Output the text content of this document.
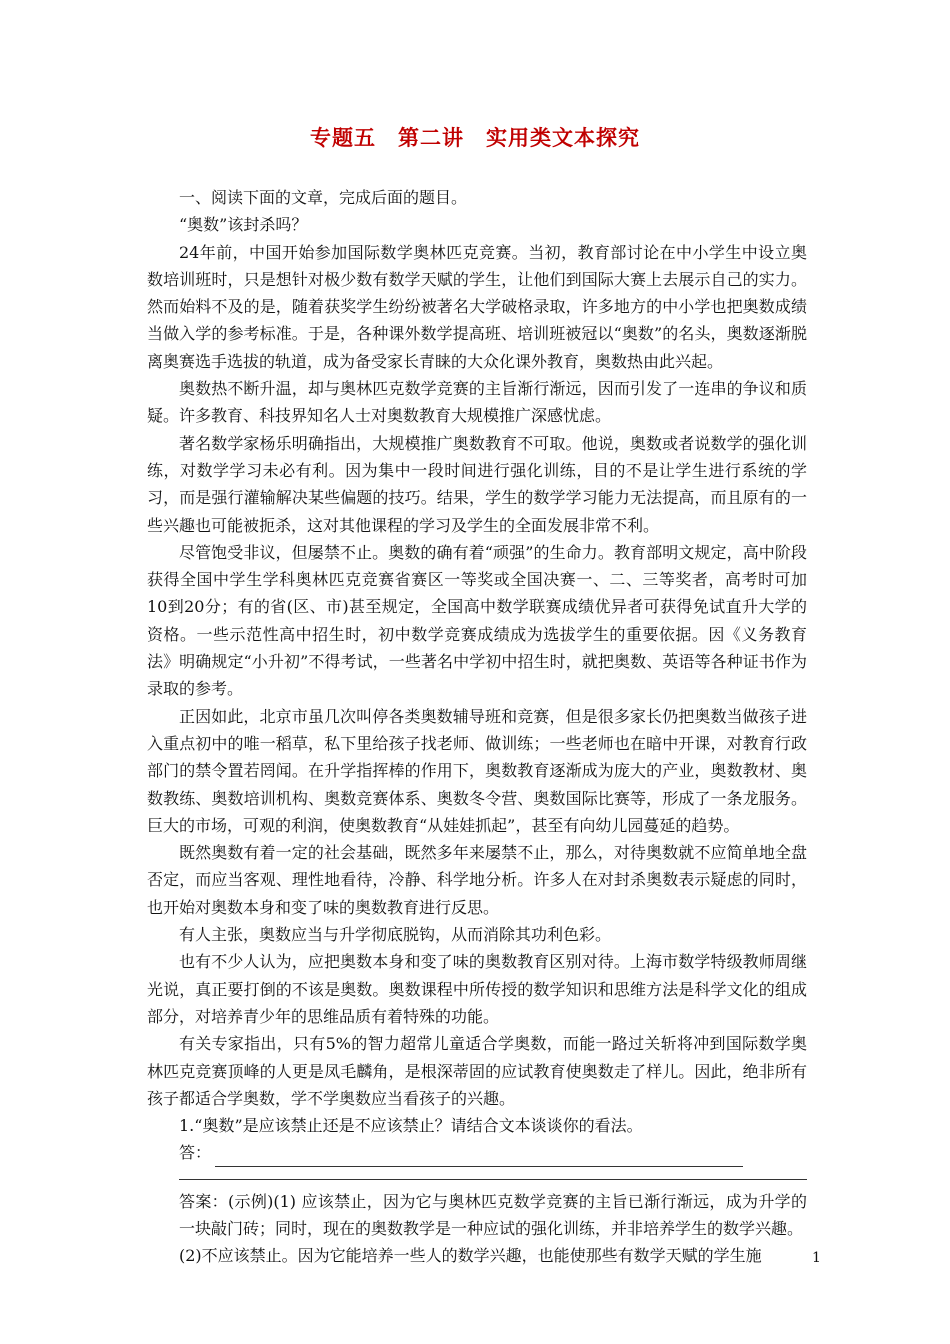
专题五　第二讲　实用类文本探究

一、阅读下面的文章，完成后面的题目。

“奥数”该封杀吗？

24年前，中国开始参加国际数学奥林匹克竞赛。当初，教育部讨论在中小学生中设立奥数培训班时，只是想针对极少数有数学天赋的学生，让他们到国际大赛上去展示自己的实力。然而始料不及的是，随着获奖学生纷纷被著名大学破格录取，许多地方的中小学也把奥数成绩当做入学的参考标准。于是，各种课外数学提高班、培训班被冠以“奥数”的名头，奥数逐渐脱离奥赛选手选拔的轨道，成为备受家长青睐的大众化课外教育，奥数热由此兴起。

奥数热不断升温，却与奥林匹克数学竞赛的主旨渐行渐远，因而引发了一连串的争议和质疑。许多教育、科技界知名人士对奥数教育大规模推广深感忧虑。

著名数学家杨乐明确指出，大规模推广奥数教育不可取。他说，奥数或者说数学的强化训练，对数学学习未必有利。因为集中一段时间进行强化训练，目的不是让学生进行系统的学习，而是强行灌输解决某些偏题的技巧。结果，学生的数学学习能力无法提高，而且原有的一些兴趣也可能被扼杀，这对其他课程的学习及学生的全面发展非常不利。

尽管饱受非议，但屡禁不止。奥数的确有着“顽强”的生命力。教育部明文规定，高中阶段获得全国中学生学科奥林匹克竞赛省赛区一等奖或全国决赛一、二、三等奖者，高考时可加10到20分；有的省(区、市)甚至规定，全国高中数学联赛成绩优异者可获得免试直升大学的资格。一些示范性高中招生时，初中数学竞赛成绩成为选拔学生的重要依据。因《义务教育法》明确规定“小升初”不得考试，一些著名中学初中招生时，就把奥数、英语等各种证书作为录取的参考。

正因如此，北京市虽几次叫停各类奥数辅导班和竞赛，但是很多家长仍把奥数当做孩子进入重点初中的唯一稻草，私下里给孩子找老师、做训练；一些老师也在暗中开课，对教育行政部门的禁令置若罔闻。在升学指挥棒的作用下，奥数教育逐渐成为庞大的产业，奥数教材、奥数教练、奥数培训机构、奥数竞赛体系、奥数冬令营、奥数国际比赛等，形成了一条龙服务。巨大的市场，可观的利润，使奥数教育“从娃娃抓起”，甚至有向幼儿园蔓延的趋势。

既然奥数有着一定的社会基础，既然多年来屡禁不止，那么，对待奥数就不应简单地全盘否定，而应当客观、理性地看待，冷静、科学地分析。许多人在对封杀奥数表示疑虑的同时，也开始对奥数本身和变了味的奥数教育进行反思。

有人主张，奥数应当与升学彻底脱钩，从而消除其功利色彩。

也有不少人认为，应把奥数本身和变了味的奥数教育区别对待。上海市数学特级教师周继光说，真正要打倒的不该是奥数。奥数课程中所传授的数学知识和思维方法是科学文化的组成部分，对培养青少年的思维品质有着特殊的功能。

有关专家指出，只有5%的智力超常儿童适合学奥数，而能一路过关斩将冲到国际数学奥林匹克竞赛顶峰的人更是凤毛麟角，是根深蒂固的应试教育使奥数走了样儿。因此，绝非所有孩子都适合学奥数，学不学奥数应当看孩子的兴趣。

1.“奥数”是应该禁止还是不应该禁止？请结合文本谈谈你的看法。

答：

答案：(示例)(1) 应该禁止，因为它与奥林匹克数学竞赛的主旨已渐行渐远，成为升学的一块敲门砖；同时，现在的奥数教学是一种应试的强化训练，并非培养学生的数学兴趣。

(2)不应该禁止。因为它能培养一些人的数学兴趣，也能使那些有数学天赋的学生施	1
